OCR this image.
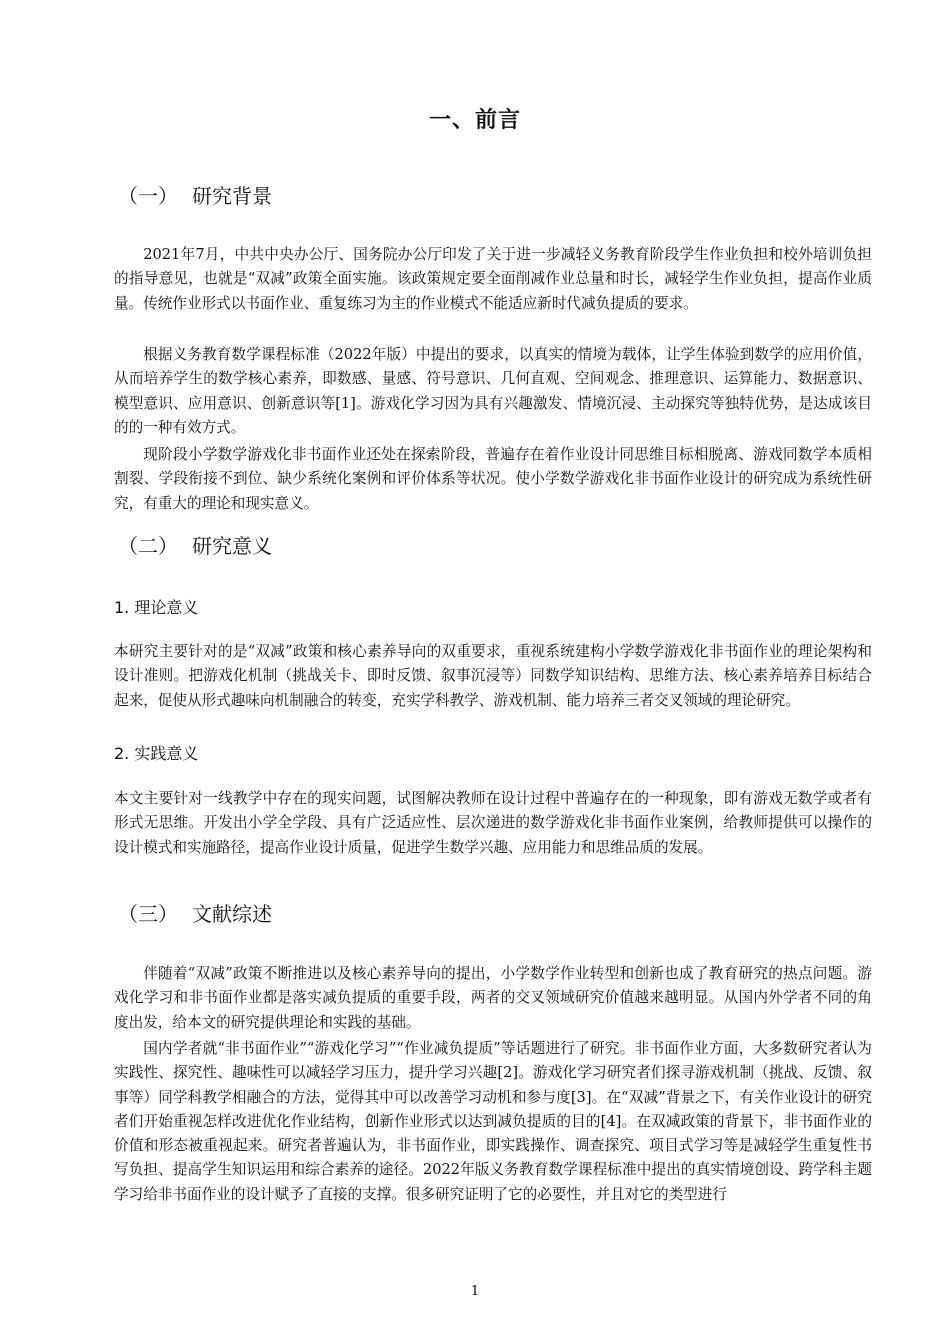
一、前言
（一） 研究背景

2021年7月，中共中央办公厅、国务院办公厅印发了关于进一步减轻义务教育阶段学生作业负担和校外培训负担的指导意见，也就是“双减”政策全面实施。该政策规定要全面削减作业总量和时长，减轻学生作业负担，提高作业质量。传统作业形式以书面作业、重复练习为主的作业模式不能适应新时代减负提质的要求。

根据义务教育数学课程标准（2022年版）中提出的要求，以真实的情境为载体，让学生体验到数学的应用价值，从而培养学生的数学核心素养，即数感、量感、符号意识、几何直观、空间观念、推理意识、运算能力、数据意识、模型意识、应用意识、创新意识等[1]。游戏化学习因为具有兴趣激发、情境沉浸、主动探究等独特优势，是达成该目的的一种有效方式。

现阶段小学数学游戏化非书面作业还处在探索阶段，普遍存在着作业设计同思维目标相脱离、游戏同数学本质相割裂、学段衔接不到位、缺少系统化案例和评价体系等状况。使小学数学游戏化非书面作业设计的研究成为系统性研究，有重大的理论和现实意义。

（二） 研究意义
1. 理论意义

本研究主要针对的是“双减”政策和核心素养导向的双重要求，重视系统建构小学数学游戏化非书面作业的理论架构和设计准则。把游戏化机制（挑战关卡、即时反馈、叙事沉浸等）同数学知识结构、思维方法、核心素养培养目标结合起来，促使从形式趣味向机制融合的转变，充实学科教学、游戏机制、能力培养三者交叉领域的理论研究。

2. 实践意义

本文主要针对一线教学中存在的现实问题，试图解决教师在设计过程中普遍存在的一种现象，即有游戏无数学或者有形式无思维。开发出小学全学段、具有广泛适应性、层次递进的数学游戏化非书面作业案例，给教师提供可以操作的设计模式和实施路径，提高作业设计质量，促进学生数学兴趣、应用能力和思维品质的发展。

（三） 文献综述

伴随着“双减”政策不断推进以及核心素养导向的提出，小学数学作业转型和创新也成了教育研究的热点问题。游戏化学习和非书面作业都是落实减负提质的重要手段，两者的交叉领域研究价值越来越明显。从国内外学者不同的角度出发，给本文的研究提供理论和实践的基础。

国内学者就“非书面作业”“游戏化学习”“作业减负提质”等话题进行了研究。非书面作业方面，大多数研究者认为实践性、探究性、趣味性可以减轻学习压力，提升学习兴趣[2]。游戏化学习研究者们探寻游戏机制（挑战、反馈、叙事等）同学科教学相融合的方法，觉得其中可以改善学习动机和参与度[3]。在“双减”背景之下，有关作业设计的研究者们开始重视怎样改进优化作业结构，创新作业形式以达到减负提质的目的[4]。在双减政策的背景下，非书面作业的价值和形态被重视起来。研究者普遍认为，非书面作业，即实践操作、调查探究、项目式学习等是减轻学生重复性书写负担、提高学生知识运用和综合素养的途径。2022年版义务教育数学课程标准中提出的真实情境创设、跨学科主题学习给非书面作业的设计赋予了直接的支撑。很多研究证明了它的必要性，并且对它的类型进行

1
